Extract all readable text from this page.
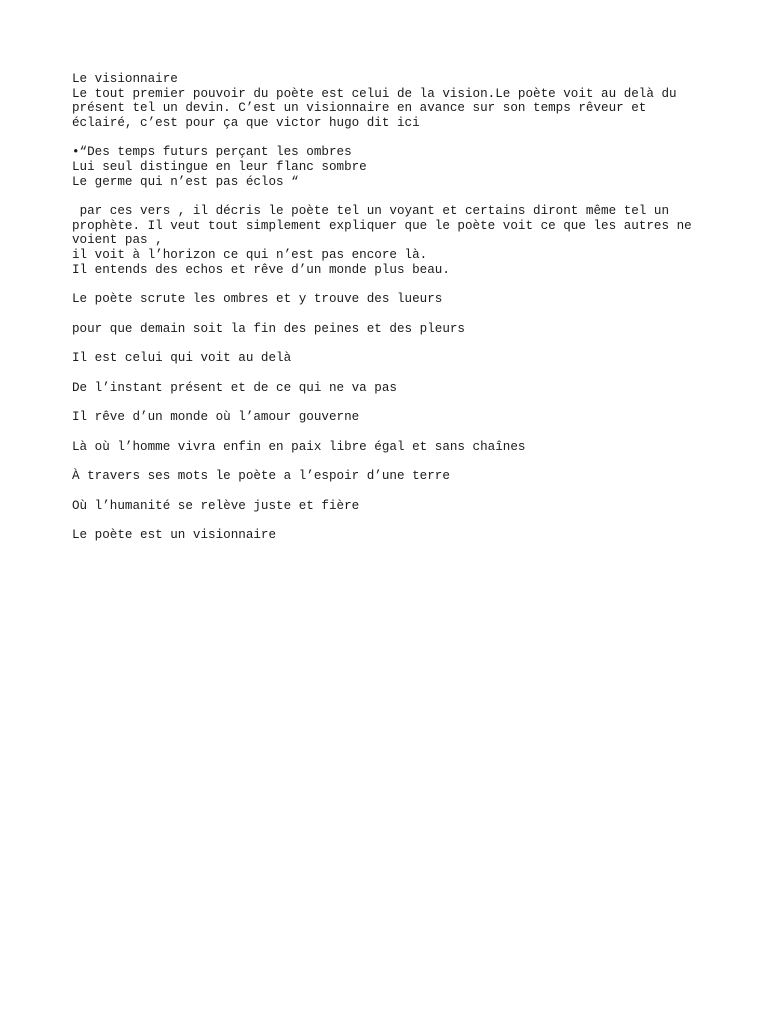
Le visionnaire
Le tout premier pouvoir du poète est celui de la vision.Le poète voit au delà du présent tel un devin. C’est un visionnaire en avance sur son temps rêveur et éclairé, c’est pour ça que victor hugo dit ici
•“Des temps futurs perçant les ombres
Lui seul distingue en leur flanc sombre
Le germe qui n’est pas éclos “
par ces vers , il décris le poète tel un voyant et certains diront même tel un prophète. Il veut tout simplement expliquer que le poète voit ce que les autres ne voient pas ,
il voit à l’horizon ce qui n’est pas encore là.
Il entends des echos et rêve d’un monde plus beau.
Le poète scrute les ombres et y trouve des lueurs
pour que demain soit la fin des peines et des pleurs
Il est celui qui voit au delà
De l’instant présent et de ce qui ne va pas
Il rêve d’un monde où l’amour gouverne
Là où l’homme vivra enfin en paix libre égal et sans chaînes
À travers ses mots le poète a l’espoir d’une terre
Où l’humanité se relève juste et fière
Le poète est un visionnaire
